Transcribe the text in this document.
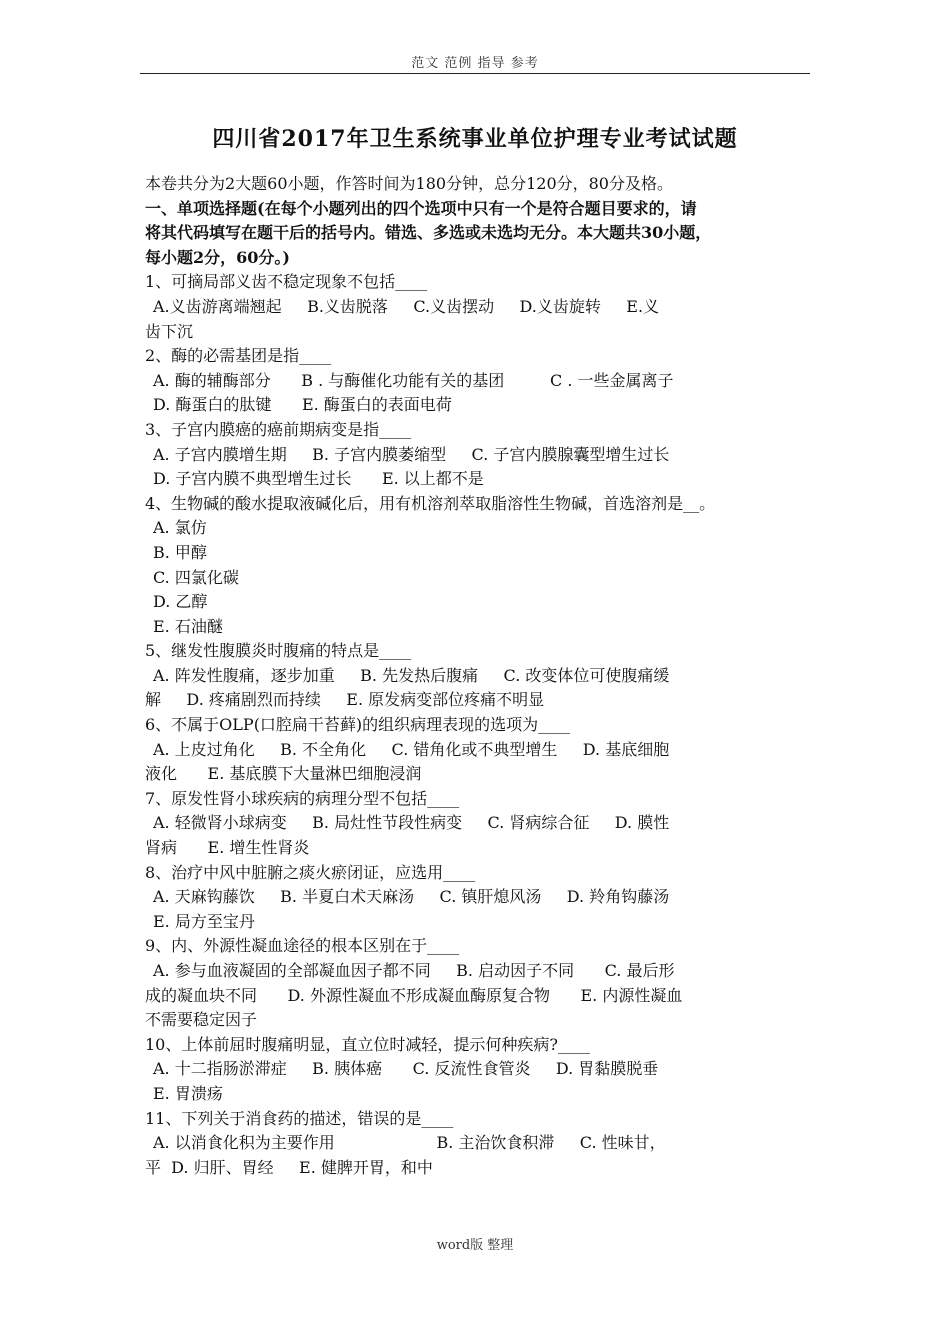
范文 范例 指导 参考
四川省2017年卫生系统事业单位护理专业考试试题
本卷共分为2大题60小题，作答时间为180分钟，总分120分，80分及格。
一、单项选择题(在每个小题列出的四个选项中只有一个是符合题目要求的，请
将其代码填写在题干后的括号内。错选、多选或未选均无分。本大题共30小题，
每小题2分，60分。)
1、可摘局部义齿不稳定现象不包括____
A.义齿游离端翘起     B.义齿脱落     C.义齿摆动     D.义齿旋转     E.义
齿下沉
2、酶的必需基团是指____
A. 酶的辅酶部分      B . 与酶催化功能有关的基团         C . 一些金属离子
D. 酶蛋白的肽键      E. 酶蛋白的表面电荷
3、子宫内膜癌的癌前期病变是指____
A. 子宫内膜增生期     B. 子宫内膜萎缩型     C. 子宫内膜腺囊型增生过长
D. 子宫内膜不典型增生过长      E. 以上都不是
4、生物碱的酸水提取液碱化后，用有机溶剂萃取脂溶性生物碱，首选溶剂是__。
A. 氯仿
B. 甲醇
C. 四氯化碳
D. 乙醇
E. 石油醚
5、继发性腹膜炎时腹痛的特点是____
A. 阵发性腹痛，逐步加重     B. 先发热后腹痛     C. 改变体位可使腹痛缓
解     D. 疼痛剧烈而持续     E. 原发病变部位疼痛不明显
6、不属于OLP(口腔扁干苔藓)的组织病理表现的选项为____
A. 上皮过角化     B. 不全角化     C. 错角化或不典型增生     D. 基底细胞
液化      E. 基底膜下大量淋巴细胞浸润
7、原发性肾小球疾病的病理分型不包括____
A. 轻微肾小球病变     B. 局灶性节段性病变     C. 肾病综合征     D. 膜性
肾病      E. 增生性肾炎
8、治疗中风中脏腑之痰火瘀闭证，应选用____
A. 天麻钩藤饮     B. 半夏白术天麻汤     C. 镇肝熄风汤     D. 羚角钩藤汤
E. 局方至宝丹
9、内、外源性凝血途径的根本区别在于____
A. 参与血液凝固的全部凝血因子都不同     B. 启动因子不同      C. 最后形
成的凝血块不同      D. 外源性凝血不形成凝血酶原复合物      E. 内源性凝血
不需要稳定因子
10、上体前屈时腹痛明显，直立位时减轻，提示何种疾病?____
A. 十二指肠淤滞症     B. 胰体癌      C. 反流性食管炎     D. 胃黏膜脱垂
E. 胃溃疡
11、下列关于消食药的描述，错误的是____
A. 以消食化积为主要作用                    B. 主治饮食积滞     C. 性味甘，
平  D. 归肝、胃经     E. 健脾开胃，和中
word版 整理
